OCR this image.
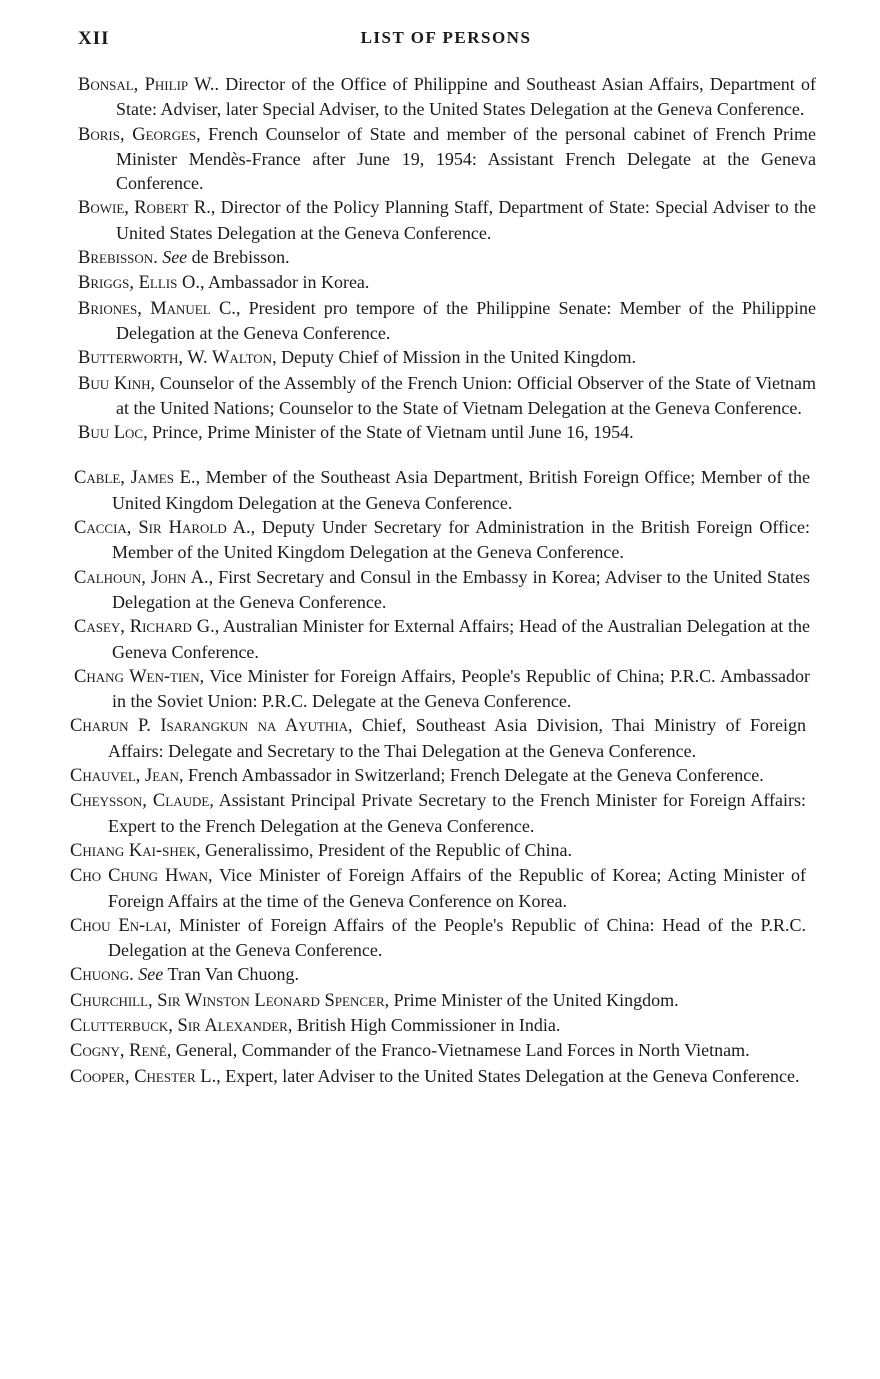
XII	LIST OF PERSONS

Bonsal, Philip W.. Director of the Office of Philippine and Southeast Asian Affairs, Department of State: Adviser, later Special Adviser, to the United States Delegation at the Geneva Conference.

Boris, Georges, French Counselor of State and member of the personal cabinet of French Prime Minister Mendès-France after June 19, 1954: Assistant French Delegate at the Geneva Conference.

Bowie, Robert R., Director of the Policy Planning Staff, Department of State: Special Adviser to the United States Delegation at the Geneva Conference.

Brebisson. See de Brebisson.

Briggs, Ellis O., Ambassador in Korea.

Briones, Manuel C., President pro tempore of the Philippine Senate: Member of the Philippine Delegation at the Geneva Conference.

Butterworth, W. Walton, Deputy Chief of Mission in the United Kingdom.

Buu Kinh, Counselor of the Assembly of the French Union: Official Observer of the State of Vietnam at the United Nations; Counselor to the State of Vietnam Delegation at the Geneva Conference.

Buu Loc, Prince, Prime Minister of the State of Vietnam until June 16, 1954.

Cable, James E., Member of the Southeast Asia Department, British Foreign Office; Member of the United Kingdom Delegation at the Geneva Conference.

Caccia, Sir Harold A., Deputy Under Secretary for Administration in the British Foreign Office: Member of the United Kingdom Delegation at the Geneva Conference.

Calhoun, John A., First Secretary and Consul in the Embassy in Korea; Adviser to the United States Delegation at the Geneva Conference.

Casey, Richard G., Australian Minister for External Affairs; Head of the Australian Delegation at the Geneva Conference.

Chang Wen-tien, Vice Minister for Foreign Affairs, People's Republic of China; P.R.C. Ambassador in the Soviet Union: P.R.C. Delegate at the Geneva Conference.

Charun P. Isarangkun na Ayuthia, Chief, Southeast Asia Division, Thai Ministry of Foreign Affairs: Delegate and Secretary to the Thai Delegation at the Geneva Conference.

Chauvel, Jean, French Ambassador in Switzerland; French Delegate at the Geneva Conference.

Cheysson, Claude, Assistant Principal Private Secretary to the French Minister for Foreign Affairs: Expert to the French Delegation at the Geneva Conference.

Chiang Kai-shek, Generalissimo, President of the Republic of China.

Cho Chung Hwan, Vice Minister of Foreign Affairs of the Republic of Korea; Acting Minister of Foreign Affairs at the time of the Geneva Conference on Korea.

Chou En-lai, Minister of Foreign Affairs of the People's Republic of China: Head of the P.R.C. Delegation at the Geneva Conference.

Chuong. See Tran Van Chuong.

Churchill, Sir Winston Leonard Spencer, Prime Minister of the United Kingdom.

Clutterbuck, Sir Alexander, British High Commissioner in India.

Cogny, René, General, Commander of the Franco-Vietnamese Land Forces in North Vietnam.

Cooper, Chester L., Expert, later Adviser to the United States Delegation at the Geneva Conference.
